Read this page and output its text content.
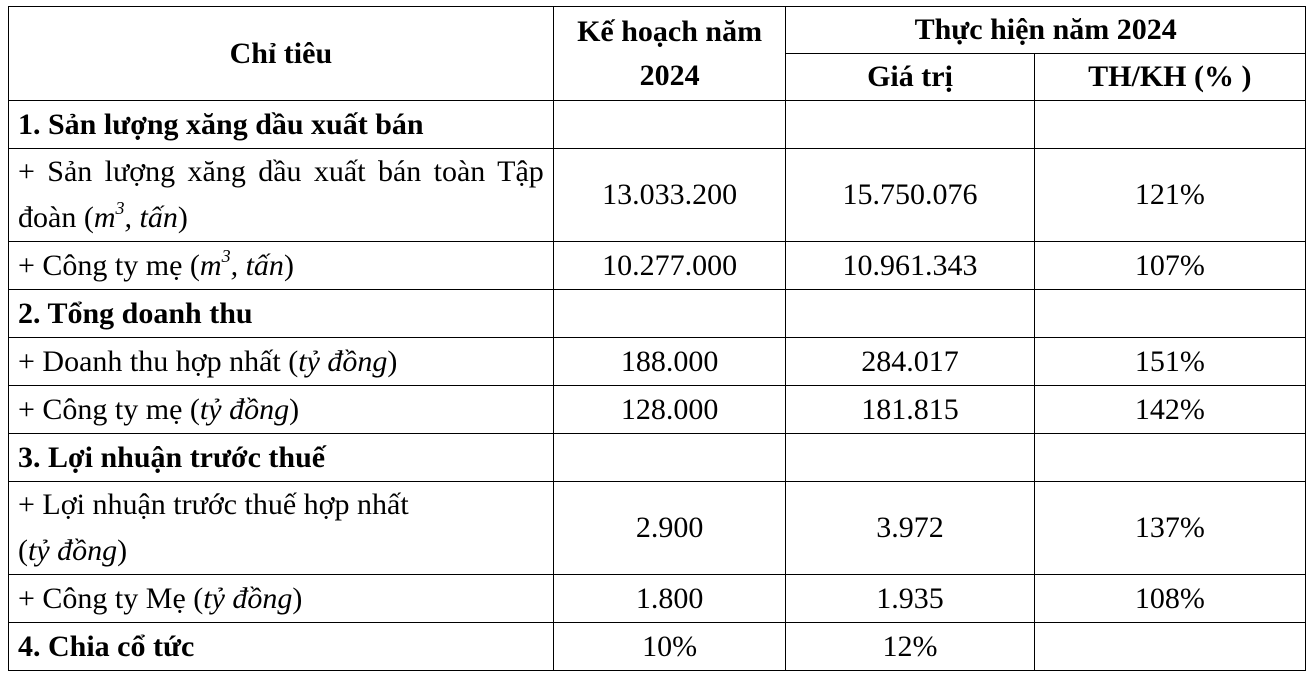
Chỉ tiêu	Kế hoạch năm 2024	Thực hiện năm 2024	
		Giá trị	TH/KH (% )
1. Sản lượng xăng dầu xuất bán			
+ Sản lượng xăng dầu xuất bán toàn Tập đoàn ($m^3$, tấn)	13.033.200	15.750.076	121%
+ Công ty mẹ ($m^3$, tấn)	10.277.000	10.961.343	107%
2. Tổng doanh thu			
+ Doanh thu hợp nhất (tỷ đồng)	188.000	284.017	151%
+ Công ty mẹ (tỷ đồng)	128.000	181.815	142%
3. Lợi nhuận trước thuế			
+ Lợi nhuận trước thuế hợp nhất
(tỷ đồng)	2.900	3.972	137%
+ Công ty Mẹ (tỷ đồng)	1.800	1.935	108%
4. Chia cổ tức	10%	12%	
